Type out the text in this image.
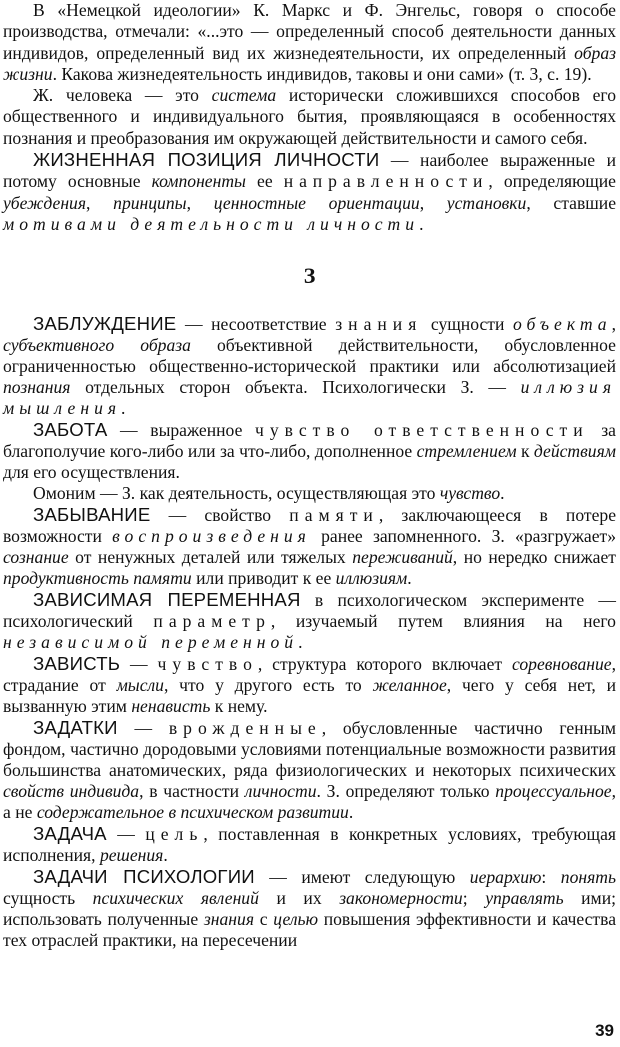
В «Немецкой идеологии» К. Маркс и Ф. Энгельс, говоря о способе производства, отмечали: «...это — определенный способ деятельности данных индивидов, определенный вид их жизнедеятельности, их определенный образ жизни. Какова жизнедеятельность индивидов, таковы и они сами» (т. 3, с. 19).

Ж. человека — это система исторически сложившихся способов его общественного и индивидуального бытия, проявляющаяся в особенностях познания и преобразования им окружающей действительности и самого себя.

ЖИЗНЕННАЯ ПОЗИЦИЯ ЛИЧНОСТИ — наиболее выраженные и потому основные компоненты ее направленности, определяющие убеждения, принципы, ценностные ориентации, установки, ставшие мотивами деятельности личности.

З

ЗАБЛУЖДЕНИЕ — несоответствие знания сущности объекта, субъективного образа объективной действительности, обусловленное ограниченностью общественно-исторической практики или абсолютизацией познания отдельных сторон объекта. Психологически З. — иллюзия мышления.

ЗАБОТА — выраженное чувство ответственности за благополучие кого-либо или за что-либо, дополненное стремлением к действиям для его осуществления.

Омоним — З. как деятельность, осуществляющая это чувство.

ЗАБЫВАНИЕ — свойство памяти, заключающееся в потере возможности воспроизведения ранее запомненного. З. «разгружает» сознание от ненужных деталей или тяжелых переживаний, но нередко снижает продуктивность памяти или приводит к ее иллюзиям.

ЗАВИСИМАЯ ПЕРЕМЕННАЯ в психологическом эксперименте — психологический параметр, изучаемый путем влияния на него независимой переменной.

ЗАВИСТЬ — чувство, структура которого включает соревнование, страдание от мысли, что у другого есть то желанное, чего у себя нет, и вызванную этим ненависть к нему.

ЗАДАТКИ — врожденные, обусловленные частично генным фондом, частично дородовыми условиями потенциальные возможности развития большинства анатомических, ряда физиологических и некоторых психических свойств индивида, в частности личности. З. определяют только процессуальное, а не содержательное в психическом развитии.

ЗАДАЧА — цель, поставленная в конкретных условиях, требующая исполнения, решения.

ЗАДАЧИ ПСИХОЛОГИИ — имеют следующую иерархию: понять сущность психических явлений и их закономерности; управлять ими; использовать полученные знания с целью повышения эффективности и качества тех отраслей практики, на пересечении

39
